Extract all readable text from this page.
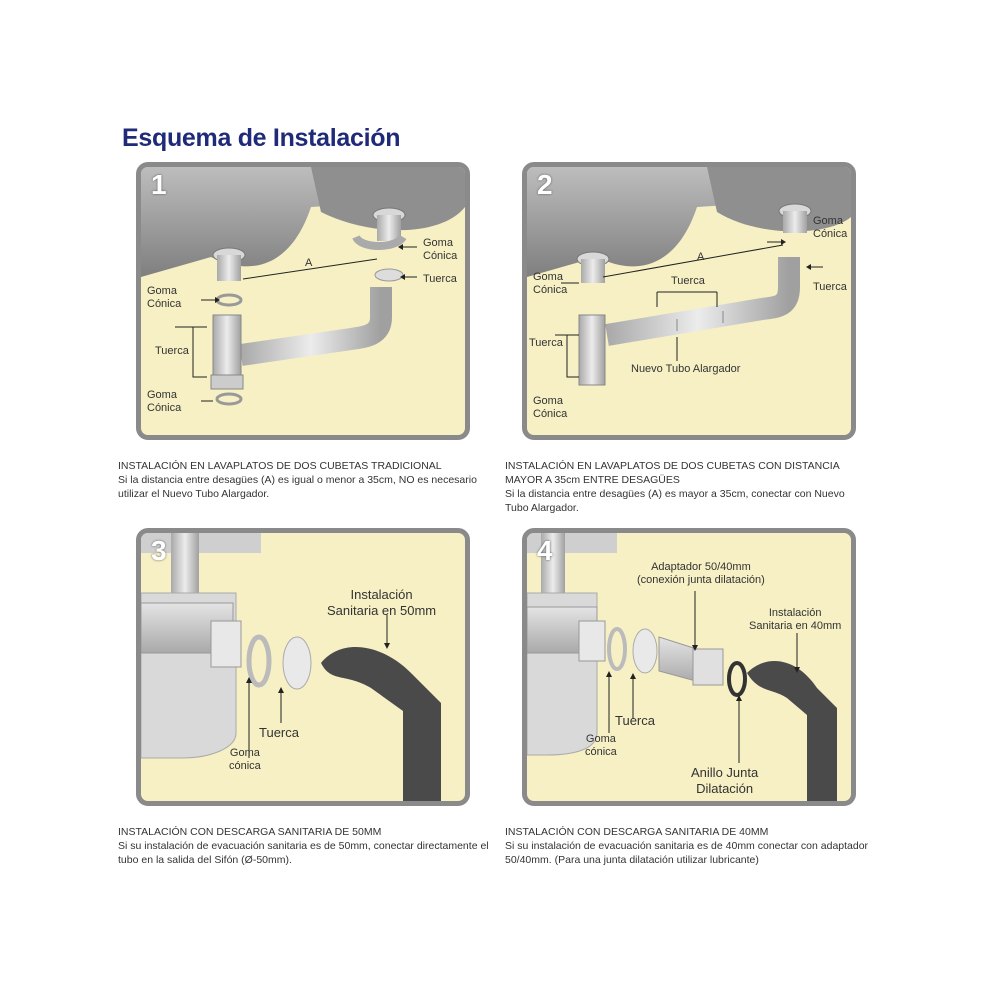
Esquema de Instalación
1
A
Goma
Cónica
Tuerca
Goma
Cónica
Tuerca
Goma
Cónica
2
A
Goma
Cónica
Tuerca
Goma
Cónica
Tuerca
Tuerca
Nuevo Tubo Alargador
Goma
Cónica
3
Instalación
Sanitaria en 50mm
Tuerca
Goma
cónica
4
Adaptador 50/40mm
(conexión junta dilatación)
Instalación
Sanitaria en 40mm
Tuerca
Goma
cónica
Anillo Junta
Dilatación
INSTALACIÓN EN LAVAPLATOS DE DOS CUBETAS TRADICIONAL
Si la distancia entre desagües (A) es igual o menor a 35cm, NO es necesario utilizar el Nuevo Tubo Alargador.
INSTALACIÓN EN LAVAPLATOS DE DOS CUBETAS CON DISTANCIA MAYOR A 35cm ENTRE DESAGÜES
Si la distancia entre desagües (A) es mayor a 35cm, conectar con Nuevo Tubo Alargador.
INSTALACIÓN CON DESCARGA SANITARIA DE 50MM
Si su instalación de evacuación sanitaria es de 50mm, conectar directamente el tubo en la salida del Sifón (Ø-50mm).
INSTALACIÓN CON DESCARGA SANITARIA DE 40MM
Si su instalación de evacuación sanitaria es de 40mm conectar con adaptador 50/40mm. (Para una junta dilatación utilizar lubricante)
